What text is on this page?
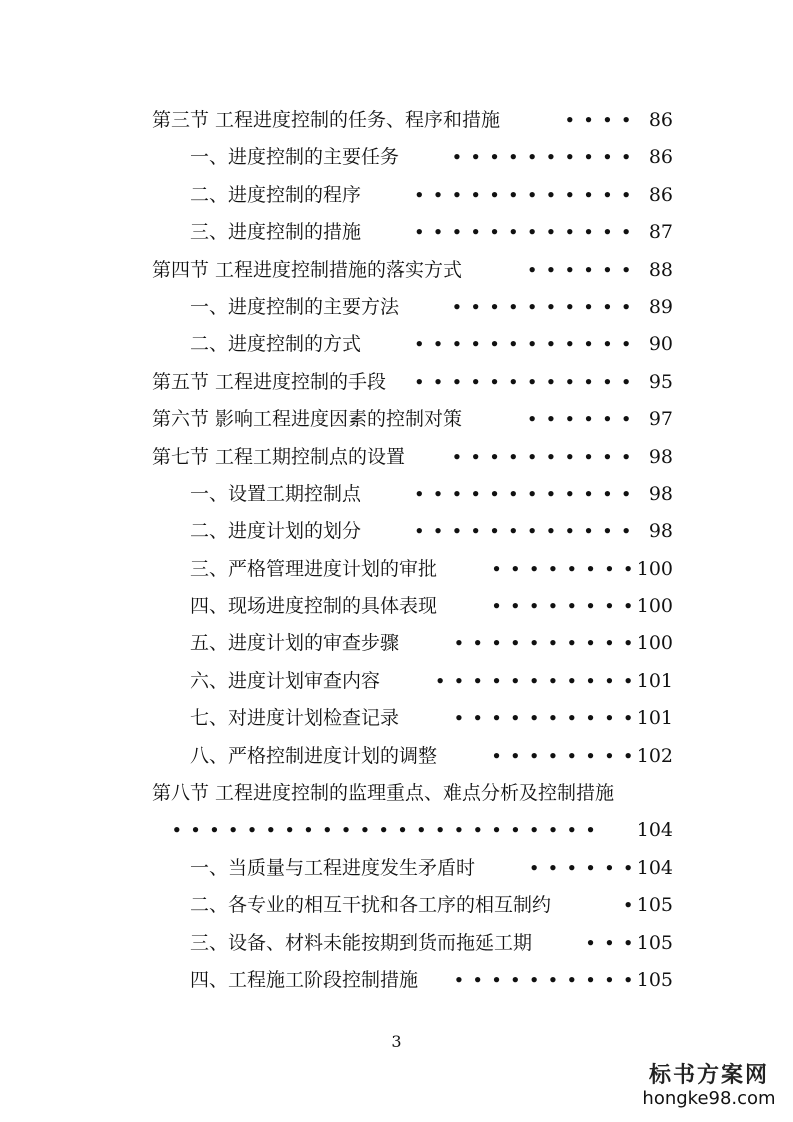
第三节 工程进度控制的任务、程序和措施	• • • • 86
一、进度控制的主要任务	• • • • • • • • • • 86
二、进度控制的程序	• • • • • • • • • • • • 86
三、进度控制的措施	• • • • • • • • • • • • 87
第四节 工程进度控制措施的落实方式	• • • • • • 88
一、进度控制的主要方法	• • • • • • • • • • 89
二、进度控制的方式	• • • • • • • • • • • • 90
第五节 工程进度控制的手段 • • • • • • • • • • • • 95
第六节 影响工程进度因素的控制对策	• • • • • • 97
第七节 工程工期控制点的设置	• • • • • • • • • • 98
一、设置工期控制点	• • • • • • • • • • • • 98
二、进度计划的划分	• • • • • • • • • • • • 98
三、严格管理进度计划的审批	• • • • • • • • 100
四、现场进度控制的具体表现	• • • • • • • • 100
五、进度计划的审查步骤	• • • • • • • • • • 100
六、进度计划审查内容	• • • • • • • • • • • 101
七、对进度计划检查记录	• • • • • • • • • • 101
八、严格控制进度计划的调整	• • • • • • • • 102
第八节 工程进度控制的监理重点、难点分析及控制措施
• • • • • • • • • • • • • • • • • • • • • • • 104
一、当质量与工程进度发生矛盾时	• • • • • • 104
二、各专业的相互干扰和各工序的相互制约	• 105
三、设备、材料未能按期到货而拖延工期	• • • 105
四、工程施工阶段控制措施 • • • • • • • • • • 105
3
标书方案网
hongke98.com
